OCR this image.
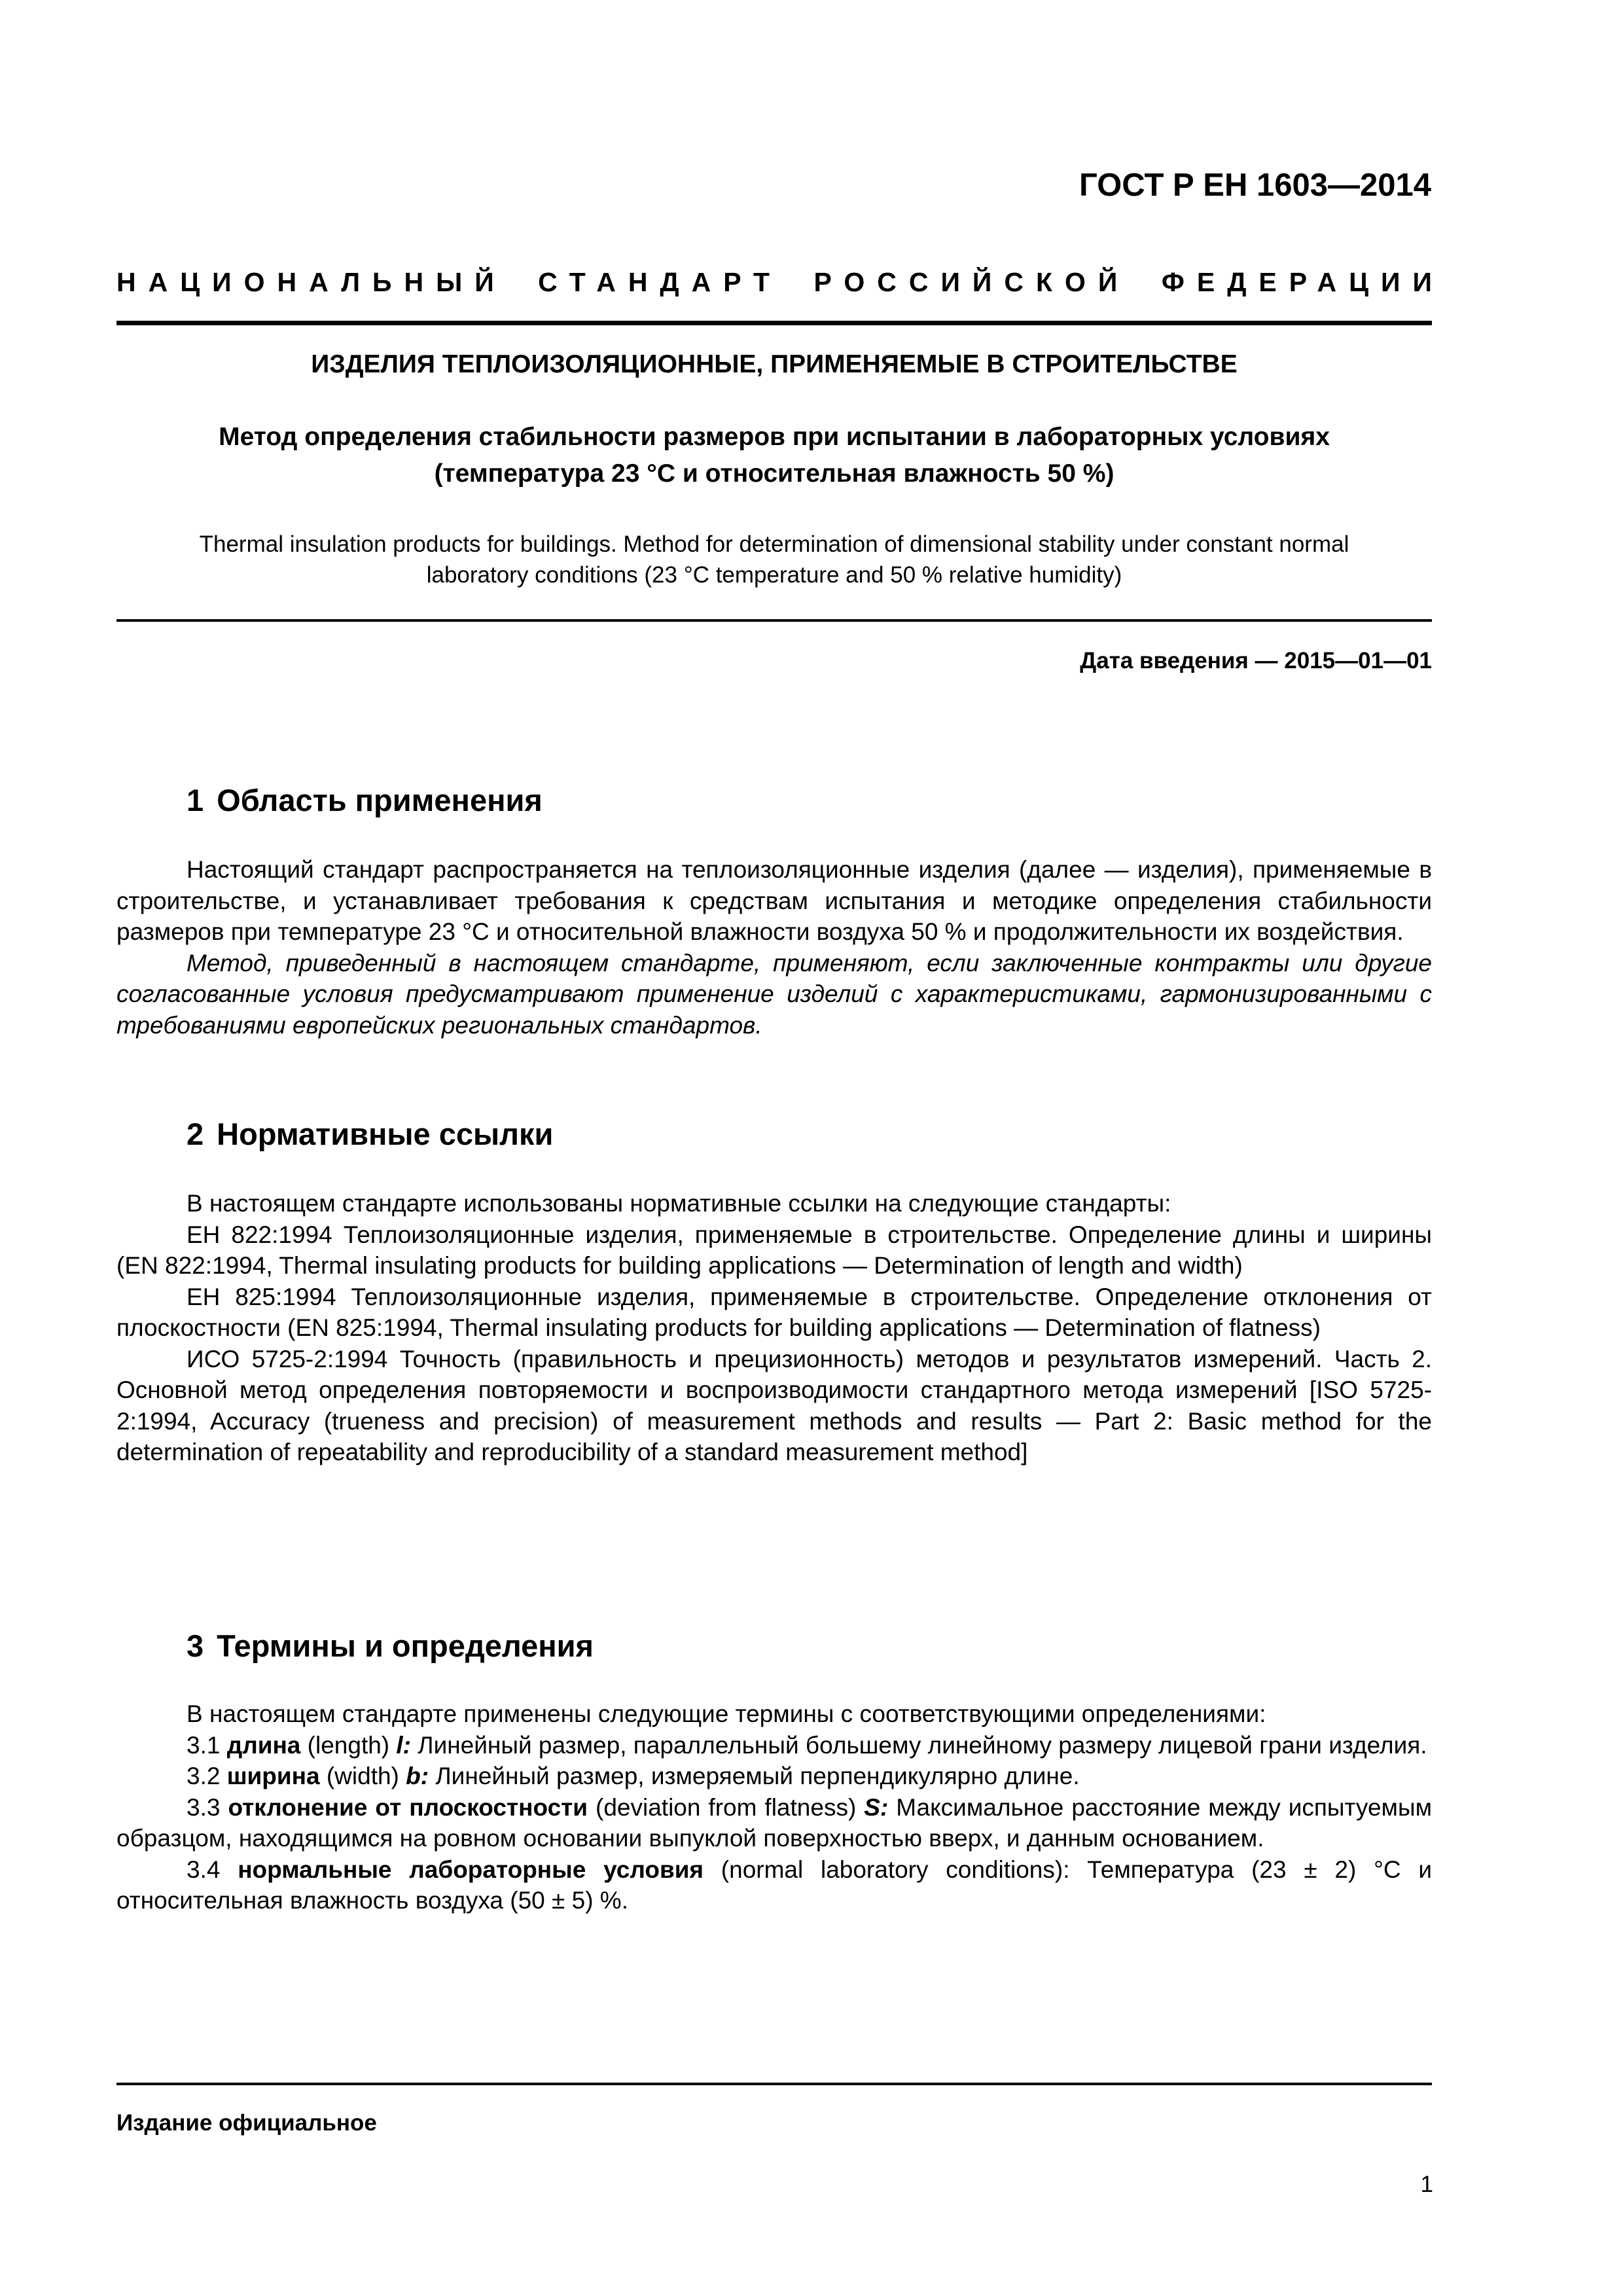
ГОСТ Р ЕН 1603—2014
НАЦИОНАЛЬНЫЙ СТАНДАРТ РОССИЙСКОЙ ФЕДЕРАЦИИ
ИЗДЕЛИЯ ТЕПЛОИЗОЛЯЦИОННЫЕ, ПРИМЕНЯЕМЫЕ В СТРОИТЕЛЬСТВЕ
Метод определения стабильности размеров при испытании в лабораторных условиях
(температура 23 °С и относительная влажность 50 %)
Thermal insulation products for buildings. Method for determination of dimensional stability under constant normal
laboratory conditions (23 °C temperature and 50 % relative humidity)
Дата введения — 2015—01—01
1 Область применения

Настоящий стандарт распространяется на теплоизоляционные изделия (далее — изделия), применяемые в строительстве, и устанавливает требования к средствам испытания и методике определения стабильности размеров при температуре 23 °С и относительной влажности воздуха 50 % и продолжительности их воздействия.

Метод, приведенный в настоящем стандарте, применяют, если заключенные контракты или другие согласованные условия предусматривают применение изделий с характеристиками, гармонизированными с требованиями европейских региональных стандартов.

2 Нормативные ссылки

В настоящем стандарте использованы нормативные ссылки на следующие стандарты:

ЕН 822:1994 Теплоизоляционные изделия, применяемые в строительстве. Определение длины и ширины (EN 822:1994, Thermal insulating products for building applications — Determination of length and width)

ЕН 825:1994 Теплоизоляционные изделия, применяемые в строительстве. Определение отклонения от плоскостности (EN 825:1994, Thermal insulating products for building applications — Determination of flatness)

ИСО 5725-2:1994 Точность (правильность и прецизионность) методов и результатов измерений. Часть 2. Основной метод определения повторяемости и воспроизводимости стандартного метода измерений [ISO 5725-2:1994, Accuracy (trueness and precision) of measurement methods and results — Part 2: Basic method for the determination of repeatability and reproducibility of a standard measurement method]

3 Термины и определения

В настоящем стандарте применены следующие термины с соответствующими определениями:

3.1 длина (length) l: Линейный размер, параллельный большему линейному размеру лицевой грани изделия.

3.2 ширина (width) b: Линейный размер, измеряемый перпендикулярно длине.

3.3 отклонение от плоскостности (deviation from flatness) S: Максимальное расстояние между испытуемым образцом, находящимся на ровном основании выпуклой поверхностью вверх, и данным основанием.

3.4 нормальные лабораторные условия (normal laboratory conditions): Температура (23 ± 2) °С и относительная влажность воздуха (50 ± 5) %.

Издание официальное
1
